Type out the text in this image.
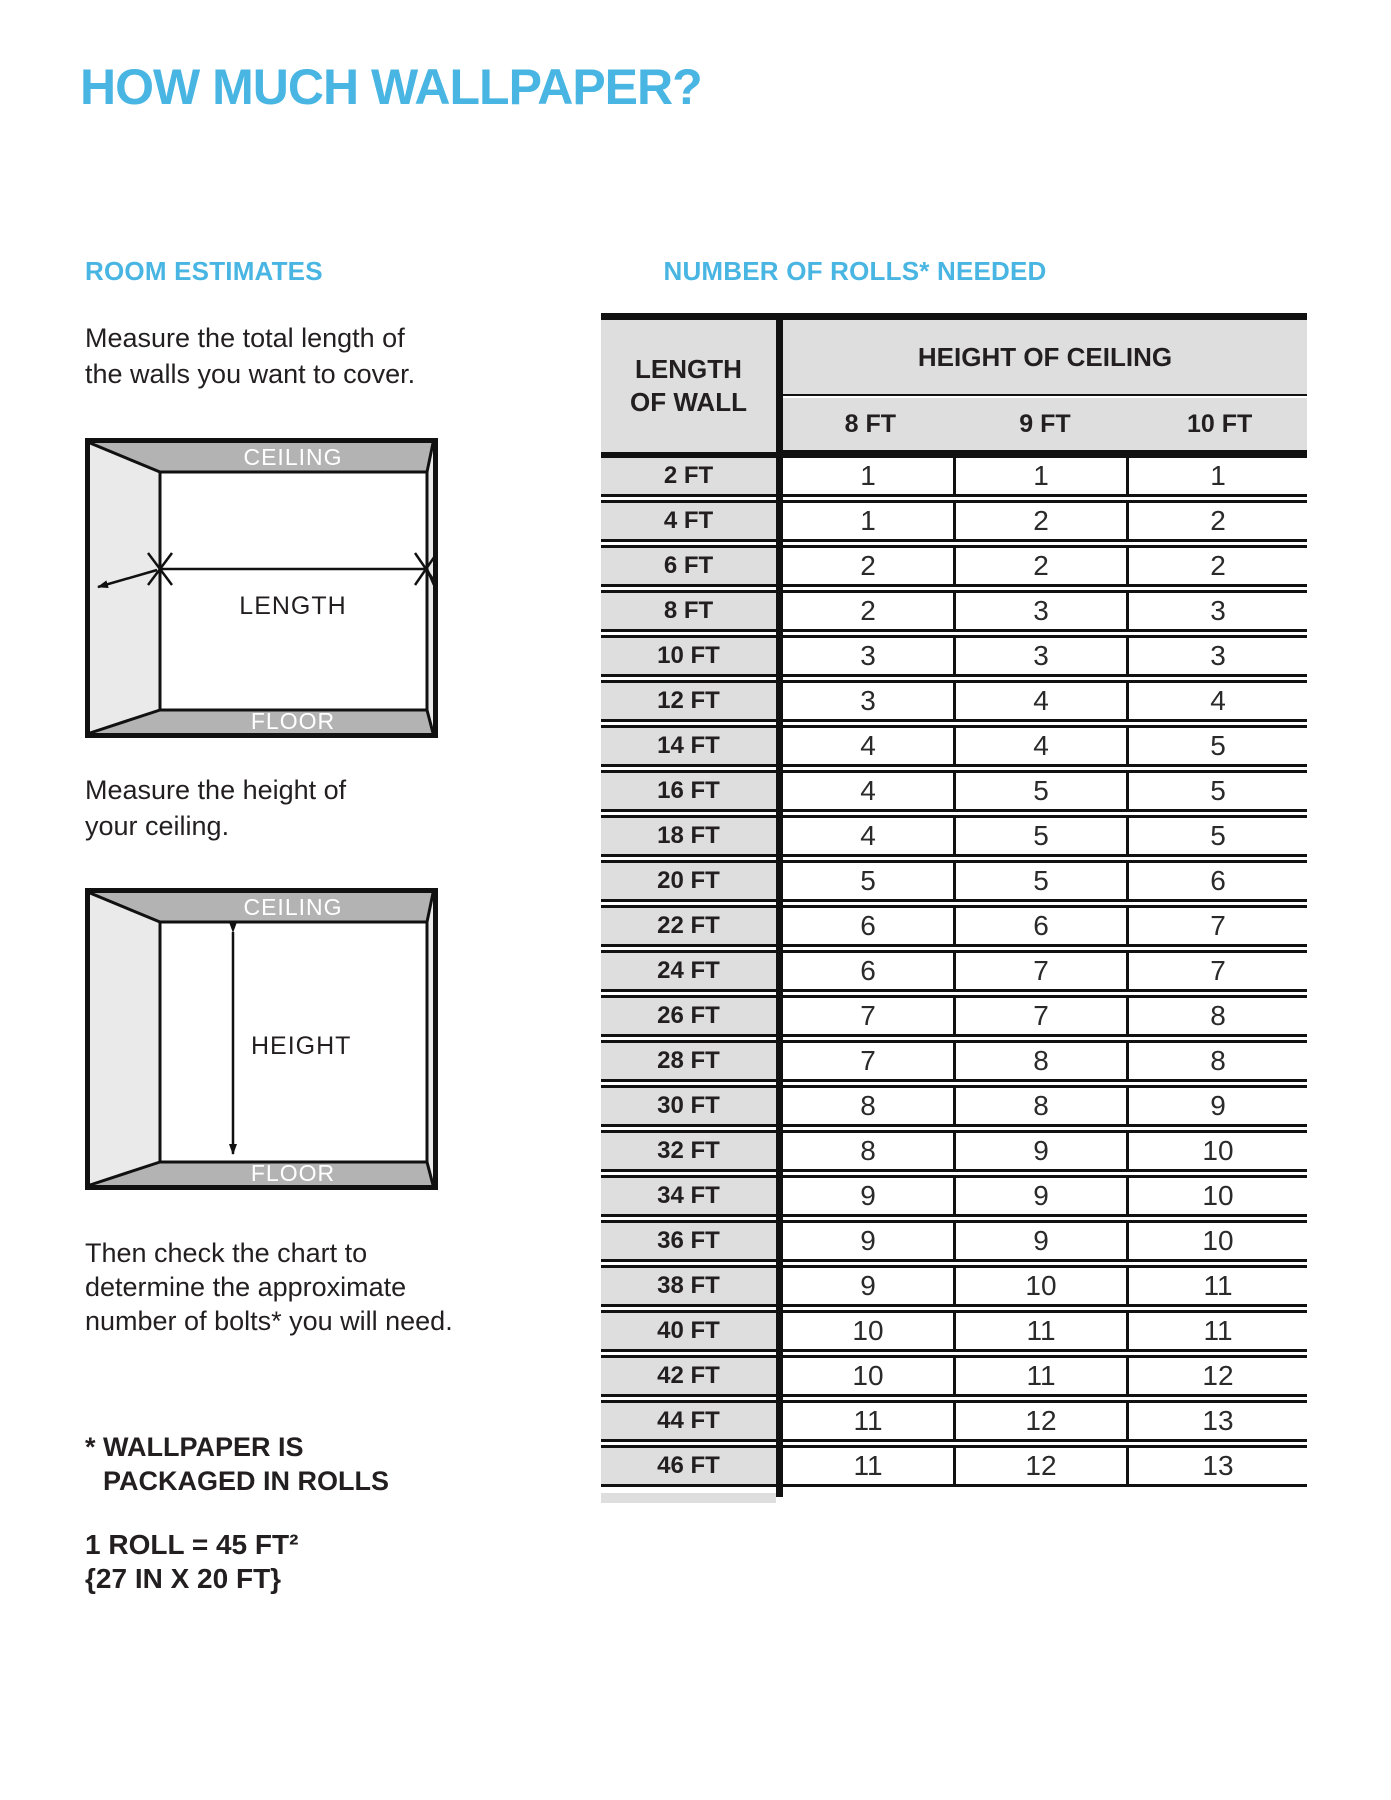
HOW MUCH WALLPAPER?
ROOM ESTIMATES
Measure the total length of
the walls you want to cover.
CEILING
FLOOR
LENGTH
Measure the height of
your ceiling.
CEILING
FLOOR
HEIGHT
Then check the chart to
determine the approximate
number of bolts* you will need.
* WALLPAPER IS
PACKAGED IN ROLLS
1 ROLL = 45 FT²
{27 IN X 20 FT}
NUMBER OF ROLLS* NEEDED
LENGTH
OF WALL
HEIGHT OF CEILING
8 FT	9 FT	10 FT
2 FT	1	1	1
4 FT	1	2	2
6 FT	2	2	2
8 FT	2	3	3
10 FT	3	3	3
12 FT	3	4	4
14 FT	4	4	5
16 FT	4	5	5
18 FT	4	5	5
20 FT	5	5	6
22 FT	6	6	7
24 FT	6	7	7
26 FT	7	7	8
28 FT	7	8	8
30 FT	8	8	9
32 FT	8	9	10
34 FT	9	9	10
36 FT	9	9	10
38 FT	9	10	11
40 FT	10	11	11
42 FT	10	11	12
44 FT	11	12	13
46 FT	11	12	13
